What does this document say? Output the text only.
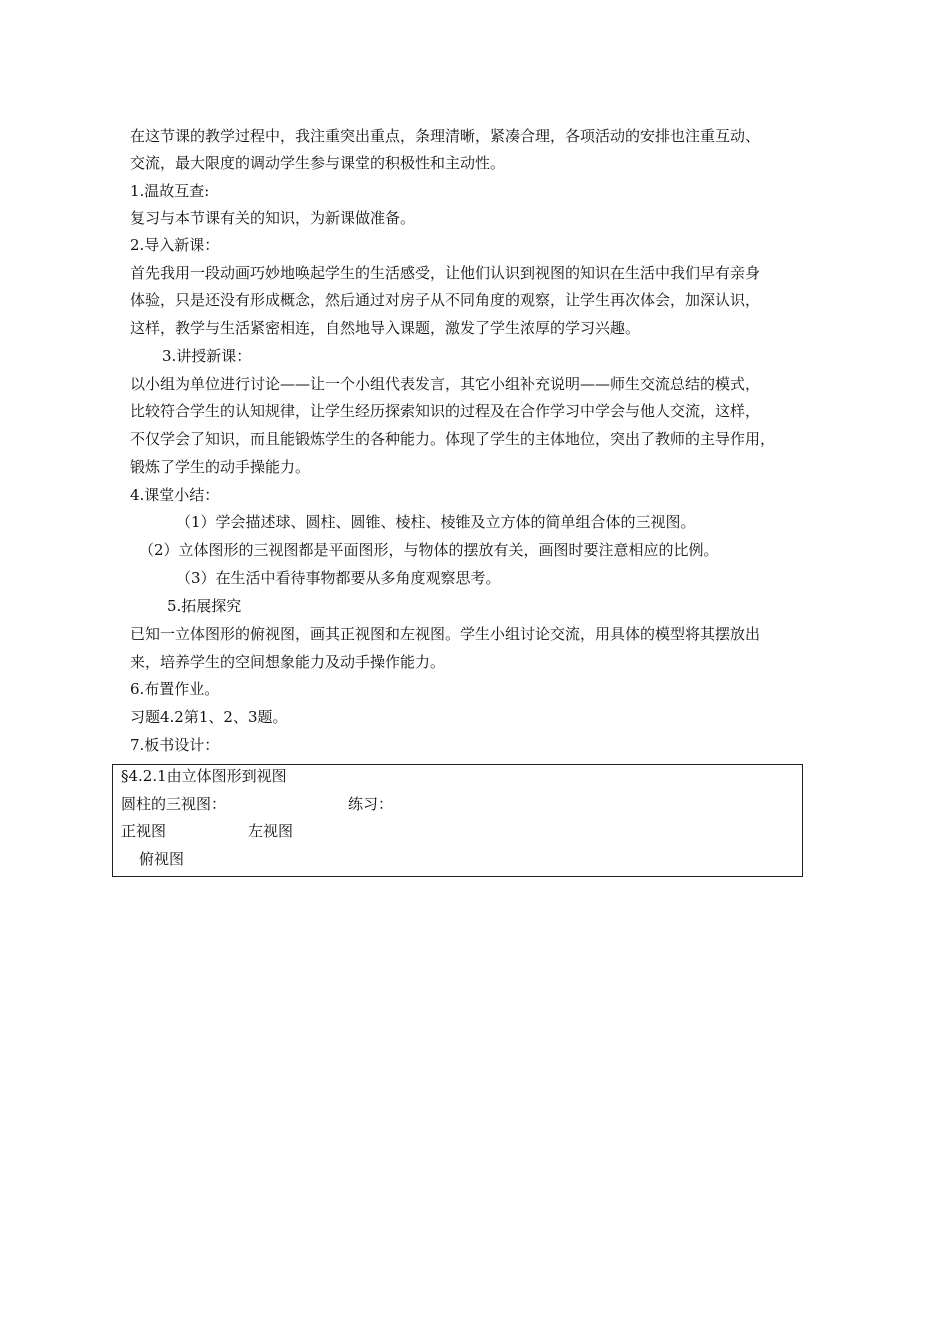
在这节课的教学过程中，我注重突出重点，条理清晰，紧凑合理，各项活动的安排也注重互动、
交流，最大限度的调动学生参与课堂的积极性和主动性。
1.温故互查:
复习与本节课有关的知识，为新课做准备。
2.导入新课：
首先我用一段动画巧妙地唤起学生的生活感受，让他们认识到视图的知识在生活中我们早有亲身
体验，只是还没有形成概念，然后通过对房子从不同角度的观察，让学生再次体会，加深认识，
这样，教学与生活紧密相连，自然地导入课题，激发了学生浓厚的学习兴趣。
3.讲授新课：
以小组为单位进行讨论——让一个小组代表发言，其它小组补充说明——师生交流总结的模式，
比较符合学生的认知规律，让学生经历探索知识的过程及在合作学习中学会与他人交流，这样，
不仅学会了知识，而且能锻炼学生的各种能力。体现了学生的主体地位，突出了教师的主导作用，
锻炼了学生的动手操能力。
4.课堂小结：
（1）学会描述球、圆柱、圆锥、棱柱、棱锥及立方体的简单组合体的三视图。
（2）立体图形的三视图都是平面图形，与物体的摆放有关，画图时要注意相应的比例。
（3）在生活中看待事物都要从多角度观察思考。
5.拓展探究
已知一立体图形的俯视图，画其正视图和左视图。学生小组讨论交流，用具体的模型将其摆放出
来，培养学生的空间想象能力及动手操作能力。
6.布置作业。
习题4.2第1、2、3题。
7.板书设计：
§4.2.1由立体图形到视图
圆柱的三视图：	练习：
正视图	左视图
俯视图
